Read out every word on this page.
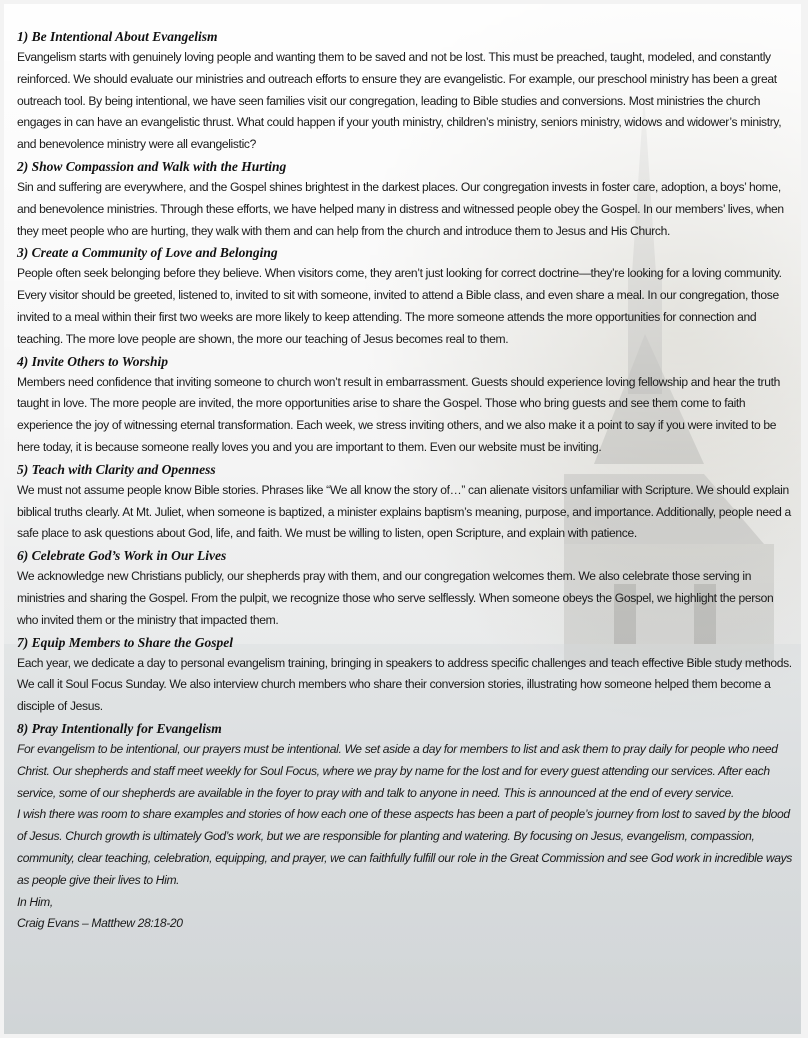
1) Be Intentional About Evangelism

Evangelism starts with genuinely loving people and wanting them to be saved and not be lost. This must be preached, taught, modeled, and constantly reinforced. We should evaluate our ministries and outreach efforts to ensure they are evangelistic. For example, our preschool ministry has been a great outreach tool. By being intentional, we have seen families visit our congregation, leading to Bible studies and conversions. Most ministries the church engages in can have an evangelistic thrust. What could happen if your youth ministry, children’s ministry, seniors ministry, widows and widower’s ministry, and benevolence ministry were all evangelistic?

2) Show Compassion and Walk with the Hurting

Sin and suffering are everywhere, and the Gospel shines brightest in the darkest places. Our congregation invests in foster care, adoption, a boys’ home, and benevolence ministries. Through these efforts, we have helped many in distress and witnessed people obey the Gospel. In our members’ lives, when they meet people who are hurting, they walk with them and can help from the church and introduce them to Jesus and His Church.

3) Create a Community of Love and Belonging

People often seek belonging before they believe. When visitors come, they aren’t just looking for correct doctrine—they’re looking for a loving community. Every visitor should be greeted, listened to, invited to sit with someone, invited to attend a Bible class, and even share a meal. In our congregation, those invited to a meal within their first two weeks are more likely to keep attending. The more someone attends the more opportunities for connection and teaching. The more love people are shown, the more our teaching of Jesus becomes real to them.

4) Invite Others to Worship

Members need confidence that inviting someone to church won’t result in embarrassment. Guests should experience loving fellowship and hear the truth taught in love. The more people are invited, the more opportunities arise to share the Gospel. Those who bring guests and see them come to faith experience the joy of witnessing eternal transformation. Each week, we stress inviting others, and we also make it a point to say if you were invited to be here today, it is because someone really loves you and you are important to them. Even our website must be inviting.

5) Teach with Clarity and Openness

We must not assume people know Bible stories. Phrases like “We all know the story of…” can alienate visitors unfamiliar with Scripture. We should explain biblical truths clearly. At Mt. Juliet, when someone is baptized, a minister explains baptism’s meaning, purpose, and importance. Additionally, people need a safe place to ask questions about God, life, and faith. We must be willing to listen, open Scripture, and explain with patience.

6) Celebrate God’s Work in Our Lives

We acknowledge new Christians publicly, our shepherds pray with them, and our congregation welcomes them. We also celebrate those serving in ministries and sharing the Gospel. From the pulpit, we recognize those who serve selflessly. When someone obeys the Gospel, we highlight the person who invited them or the ministry that impacted them.

7) Equip Members to Share the Gospel

Each year, we dedicate a day to personal evangelism training, bringing in speakers to address specific challenges and teach effective Bible study methods. We call it Soul Focus Sunday. We also interview church members who share their conversion stories, illustrating how someone helped them become a disciple of Jesus.

8) Pray Intentionally for Evangelism

For evangelism to be intentional, our prayers must be intentional. We set aside a day for members to list and ask them to pray daily for people who need Christ. Our shepherds and staff meet weekly for Soul Focus, where we pray by name for the lost and for every guest attending our services. After each service, some of our shepherds are available in the foyer to pray with and talk to anyone in need. This is announced at the end of every service.

I wish there was room to share examples and stories of how each one of these aspects has been a part of people’s journey from lost to saved by the blood of Jesus. Church growth is ultimately God’s work, but we are responsible for planting and watering. By focusing on Jesus, evangelism, compassion, community, clear teaching, celebration, equipping, and prayer, we can faithfully fulfill our role in the Great Commission and see God work in incredible ways as people give their lives to Him.

In Him,
Craig Evans – Matthew 28:18-20
